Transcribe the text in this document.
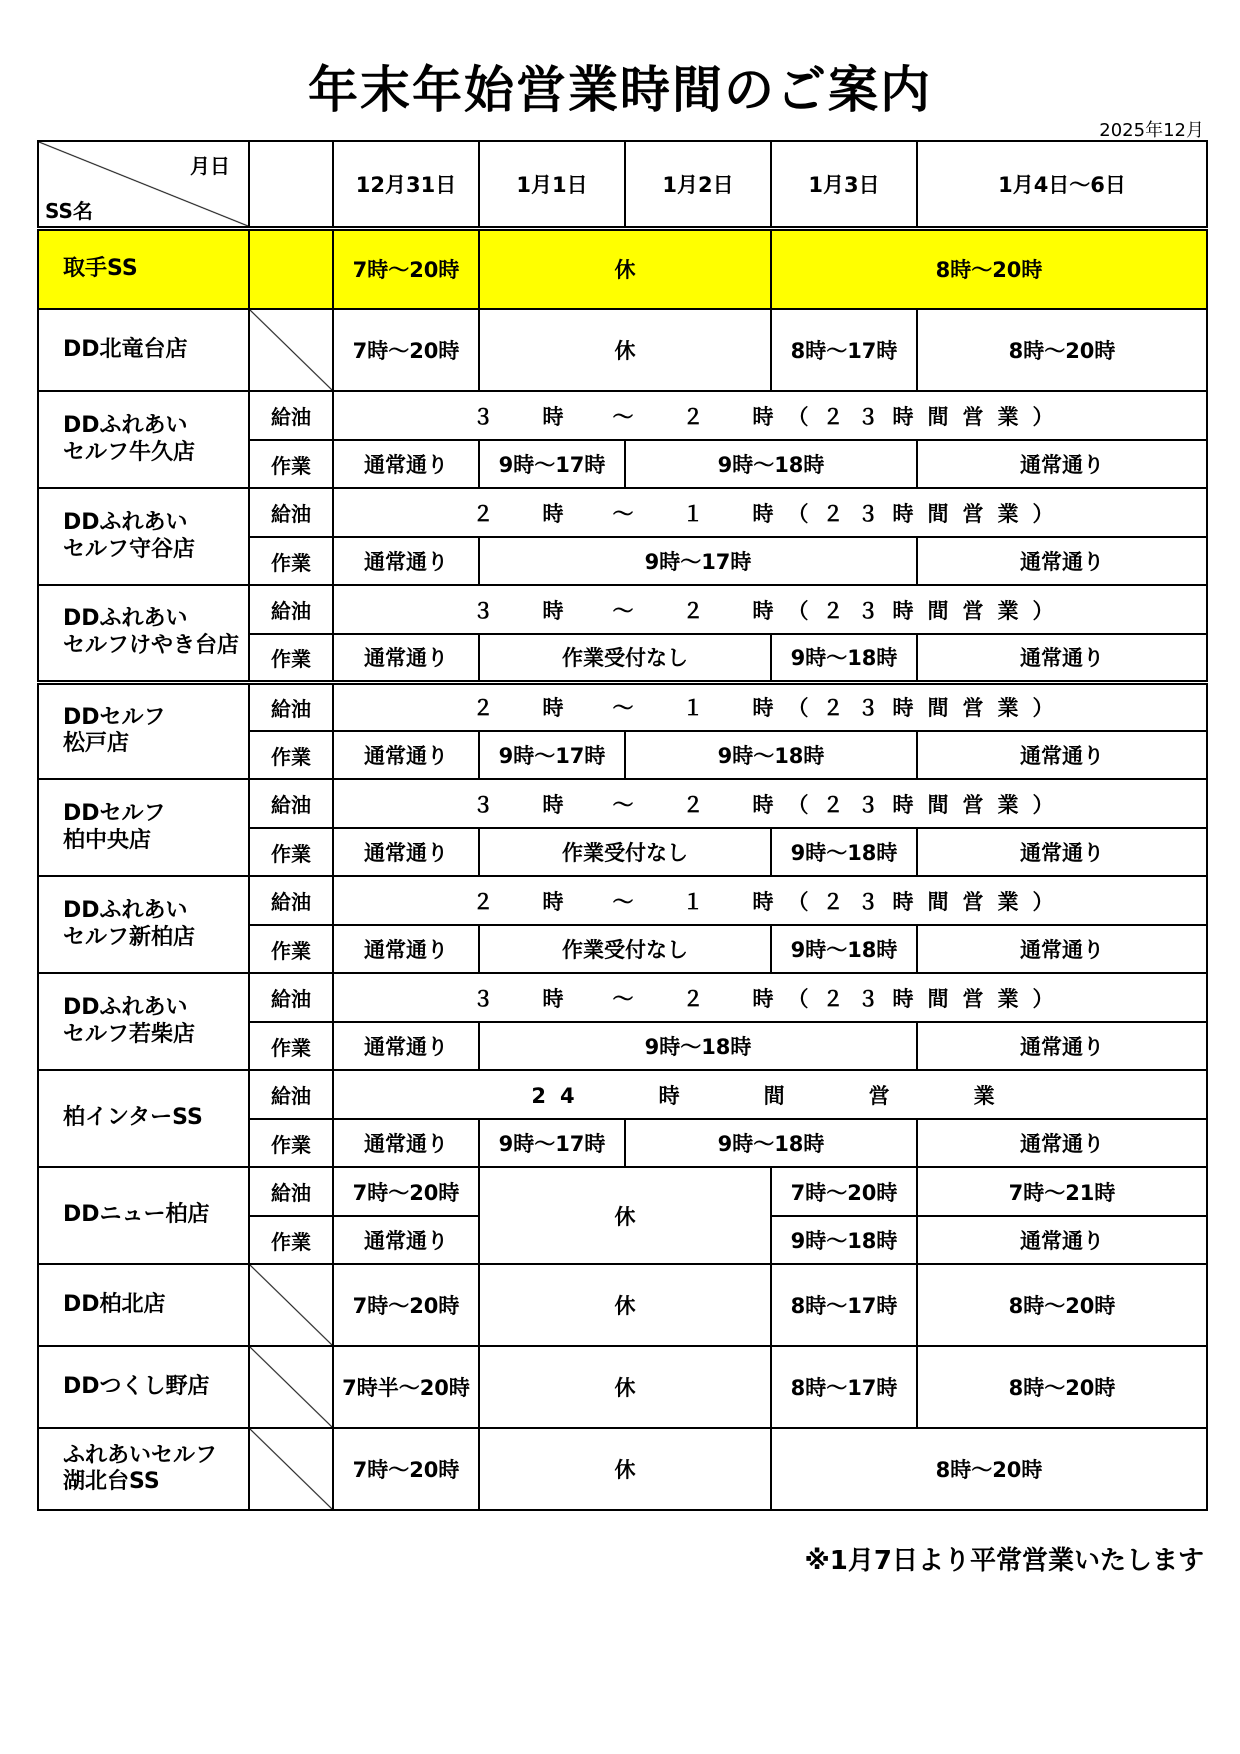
年末年始営業時間のご案内
2025年12月
月日
SS名		12月31日	1月1日	1月2日	1月3日	1月4日～6日
取手SS		7時～20時	休		8時～20時	
DD北竜台店		7時～20時	休		8時～17時	8時～20時
DDふれあい
セルフ牛久店	給油	３　時　～　２　時（２３時間営業）				
	作業	通常通り	9時～17時	9時～18時		通常通り
DDふれあい
セルフ守谷店	給油	２　時　～　１　時（２３時間営業）				
	作業	通常通り	9時～17時			通常通り
DDふれあい
セルフけやき台店	給油	３　時　～　２　時（２３時間営業）				
	作業	通常通り	作業受付なし		9時～18時	通常通り
DDセルフ
松戸店	給油	２　時　～　１　時（２３時間営業）				
	作業	通常通り	9時～17時	9時～18時		通常通り
DDセルフ
柏中央店	給油	３　時　～　２　時（２３時間営業）				
	作業	通常通り	作業受付なし		9時～18時	通常通り
DDふれあい
セルフ新柏店	給油	２　時　～　１　時（２３時間営業）				
	作業	通常通り	作業受付なし		9時～18時	通常通り
DDふれあい
セルフ若柴店	給油	３　時　～　２　時（２３時間営業）				
	作業	通常通り	9時～18時			通常通り
柏インターSS	給油	24　　時　　間　　営　　業				
	作業	通常通り	9時～17時	9時～18時		通常通り
DDニュー柏店	給油	7時～20時	休		7時～20時	7時～21時
	作業	通常通り			9時～18時	通常通り
DD柏北店		7時～20時	休		8時～17時	8時～20時
DDつくし野店		7時半～20時	休		8時～17時	8時～20時
ふれあいセルフ
湖北台SS		7時～20時	休		8時～20時	
※1月7日より平常営業いたします
